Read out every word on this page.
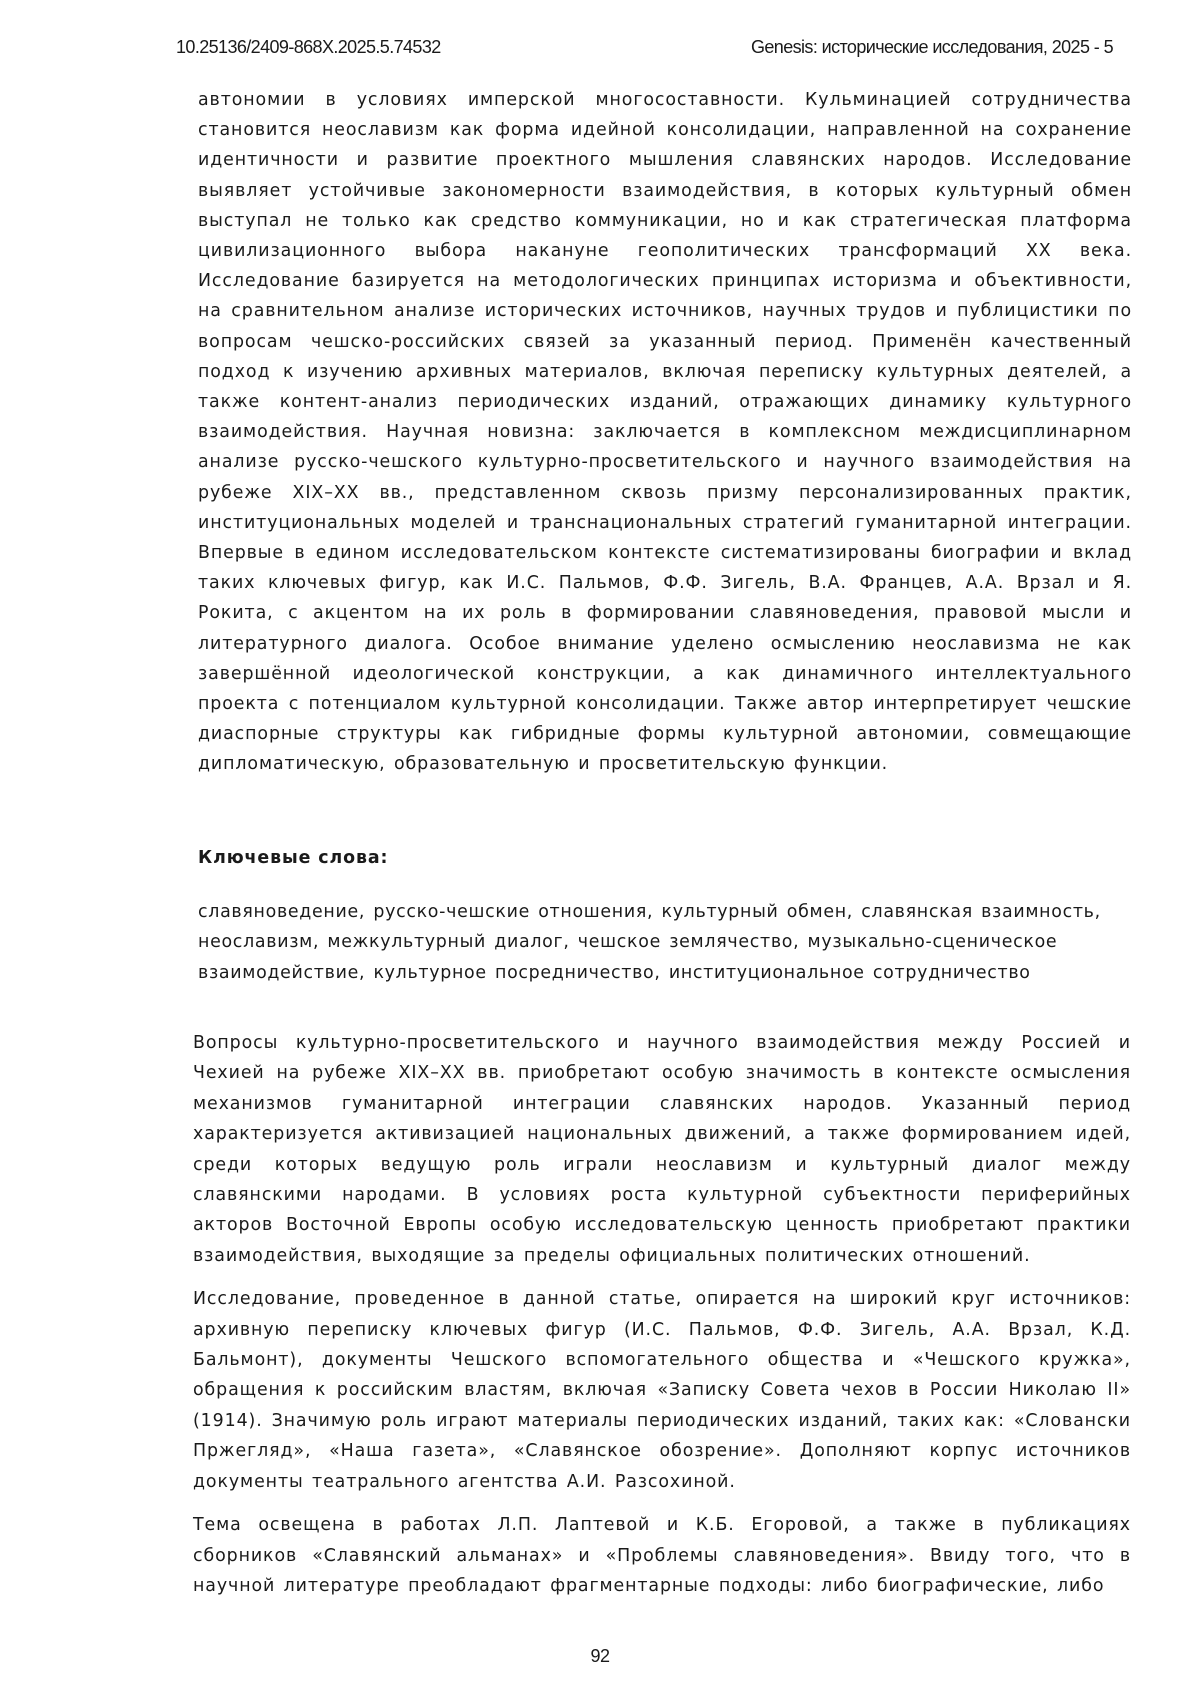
10.25136/2409-868X.2025.5.74532	Genesis: исторические исследования, 2025 - 5

автономии в условиях имперской многосоставности. Кульминацией сотрудничества становится неославизм как форма идейной консолидации, направленной на сохранение идентичности и развитие проектного мышления славянских народов. Исследование выявляет устойчивые закономерности взаимодействия, в которых культурный обмен выступал не только как средство коммуникации, но и как стратегическая платформа цивилизационного выбора накануне геополитических трансформаций XX века. Исследование базируется на методологических принципах историзма и объективности, на сравнительном анализе исторических источников, научных трудов и публицистики по вопросам чешско-российских связей за указанный период. Применён качественный подход к изучению архивных материалов, включая переписку культурных деятелей, а также контент-анализ периодических изданий, отражающих динамику культурного взаимодействия. Научная новизна: заключается в комплексном междисциплинарном анализе русско-чешского культурно-просветительского и научного взаимодействия на рубеже XIX–XX вв., представленном сквозь призму персонализированных практик, институциональных моделей и транснациональных стратегий гуманитарной интеграции. Впервые в едином исследовательском контексте систематизированы биографии и вклад таких ключевых фигур, как И.С. Пальмов, Ф.Ф. Зигель, В.А. Францев, А.А. Врзал и Я. Рокита, с акцентом на их роль в формировании славяноведения, правовой мысли и литературного диалога. Особое внимание уделено осмыслению неославизма не как завершённой идеологической конструкции, а как динамичного интеллектуального проекта с потенциалом культурной консолидации. Также автор интерпретирует чешские диаспорные структуры как гибридные формы культурной автономии, совмещающие дипломатическую, образовательную и просветительскую функции.

Ключевые слова:

славяноведение, русско-чешские отношения, культурный обмен, славянская взаимность, неославизм, межкультурный диалог, чешское землячество, музыкально-сценическое взаимодействие, культурное посредничество, институциональное сотрудничество

Вопросы культурно-просветительского и научного взаимодействия между Россией и Чехией на рубеже XIX–XX вв. приобретают особую значимость в контексте осмысления механизмов гуманитарной интеграции славянских народов. Указанный период характеризуется активизацией национальных движений, а также формированием идей, среди которых ведущую роль играли неославизм и культурный диалог между славянскими народами. В условиях роста культурной субъектности периферийных акторов Восточной Европы особую исследовательскую ценность приобретают практики взаимодействия, выходящие за пределы официальных политических отношений.

Исследование, проведенное в данной статье, опирается на широкий круг источников: архивную переписку ключевых фигур (И.С. Пальмов, Ф.Ф. Зигель, А.А. Врзал, К.Д. Бальмонт), документы Чешского вспомогательного общества и «Чешского кружка», обращения к российским властям, включая «Записку Совета чехов в России Николаю II» (1914). Значимую роль играют материалы периодических изданий, таких как: «Словански Пржегляд», «Наша газета», «Славянское обозрение». Дополняют корпус источников документы театрального агентства А.И. Разсохиной.

Тема освещена в работах Л.П. Лаптевой и К.Б. Егоровой, а также в публикациях сборников «Славянский альманах» и «Проблемы славяноведения». Ввиду того, что в научной литературе преобладают фрагментарные подходы: либо биографические, либо

92
